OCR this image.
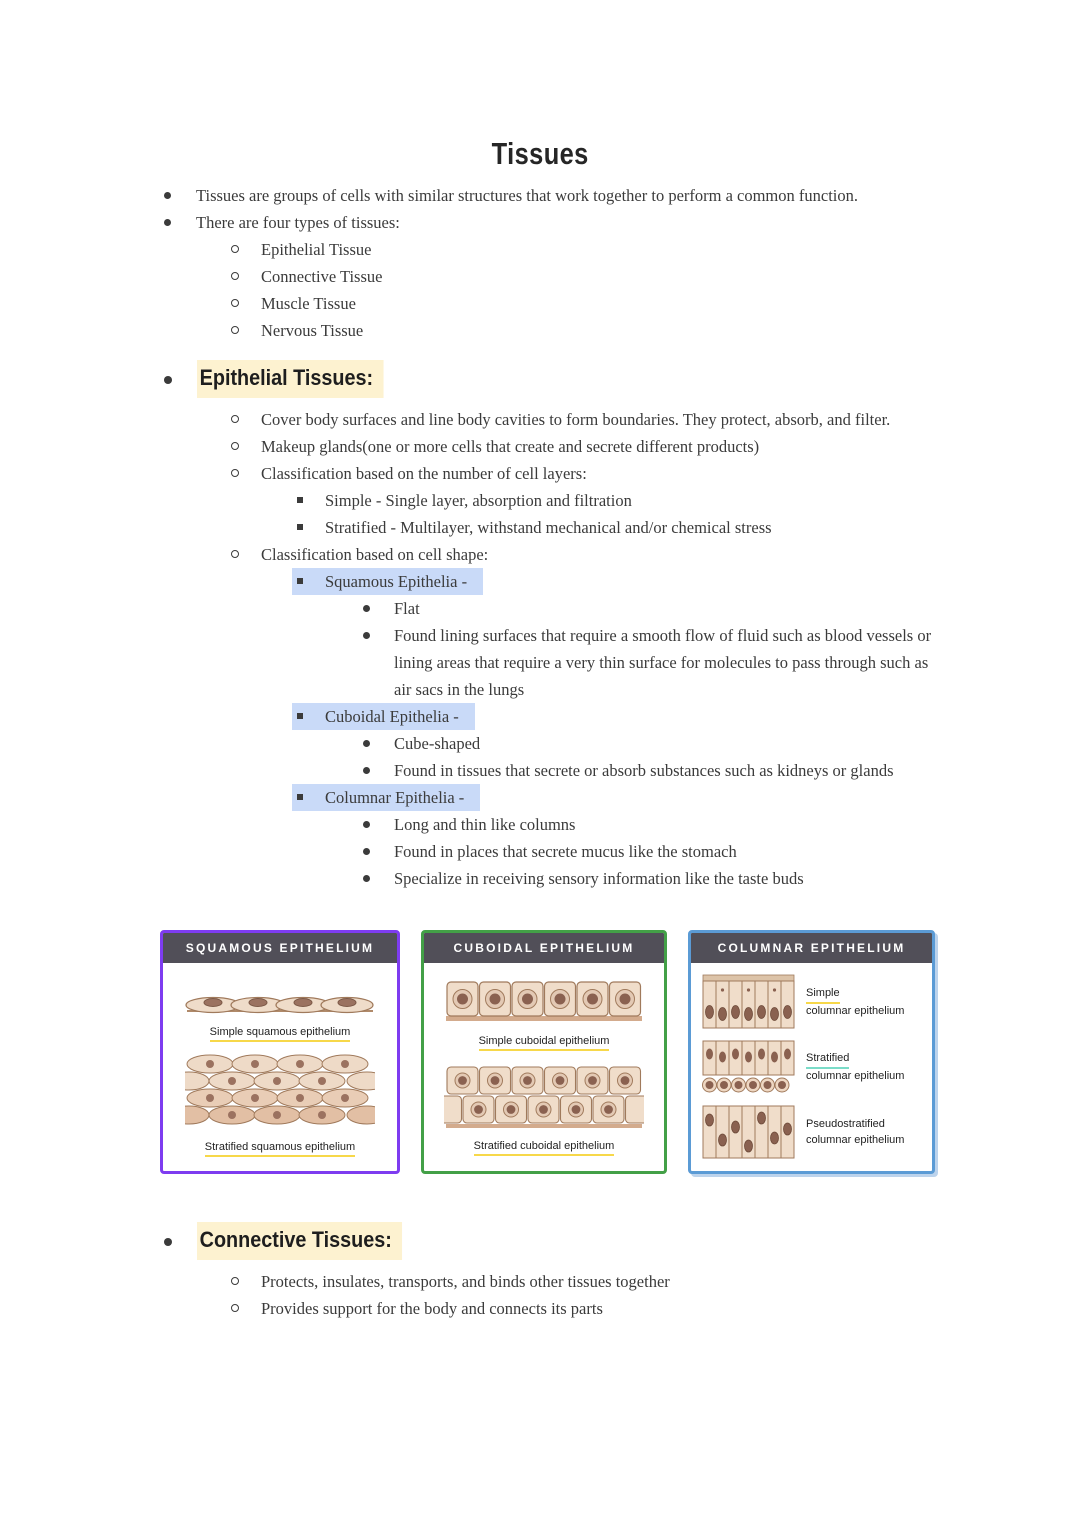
Tissues
Tissues are groups of cells with similar structures that work together to perform a common function.
There are four types of tissues:
Epithelial Tissue
Connective Tissue
Muscle Tissue
Nervous Tissue
Epithelial Tissues:
Cover body surfaces and line body cavities to form boundaries. They protect, absorb, and filter.
Makeup glands(one or more cells that create and secrete different products)
Classification based on the number of cell layers:
Simple - Single layer, absorption and filtration
Stratified - Multilayer, withstand mechanical and/or chemical stress
Classification based on cell shape:
Squamous Epithelia -
Flat
Found lining surfaces that require a smooth flow of fluid such as blood vessels or lining areas that require a very thin surface for molecules to pass through such as air sacs in the lungs
Cuboidal Epithelia -
Cube-shaped
Found in tissues that secrete or absorb substances such as kidneys or glands
Columnar Epithelia -
Long and thin like columns
Found in places that secrete mucus like the stomach
Specialize in receiving sensory information like the taste buds
SQUAMOUS EPITHELIUM
Simple squamous epithelium
Stratified squamous epithelium
CUBOIDAL EPITHELIUM
Simple cuboidal epithelium
Stratified cuboidal epithelium
COLUMNAR EPITHELIUM
Simple
columnar epithelium
Stratified
columnar epithelium
Pseudostratified
columnar epithelium
Connective Tissues:
Protects, insulates, transports, and binds other tissues together
Provides support for the body and connects its parts
